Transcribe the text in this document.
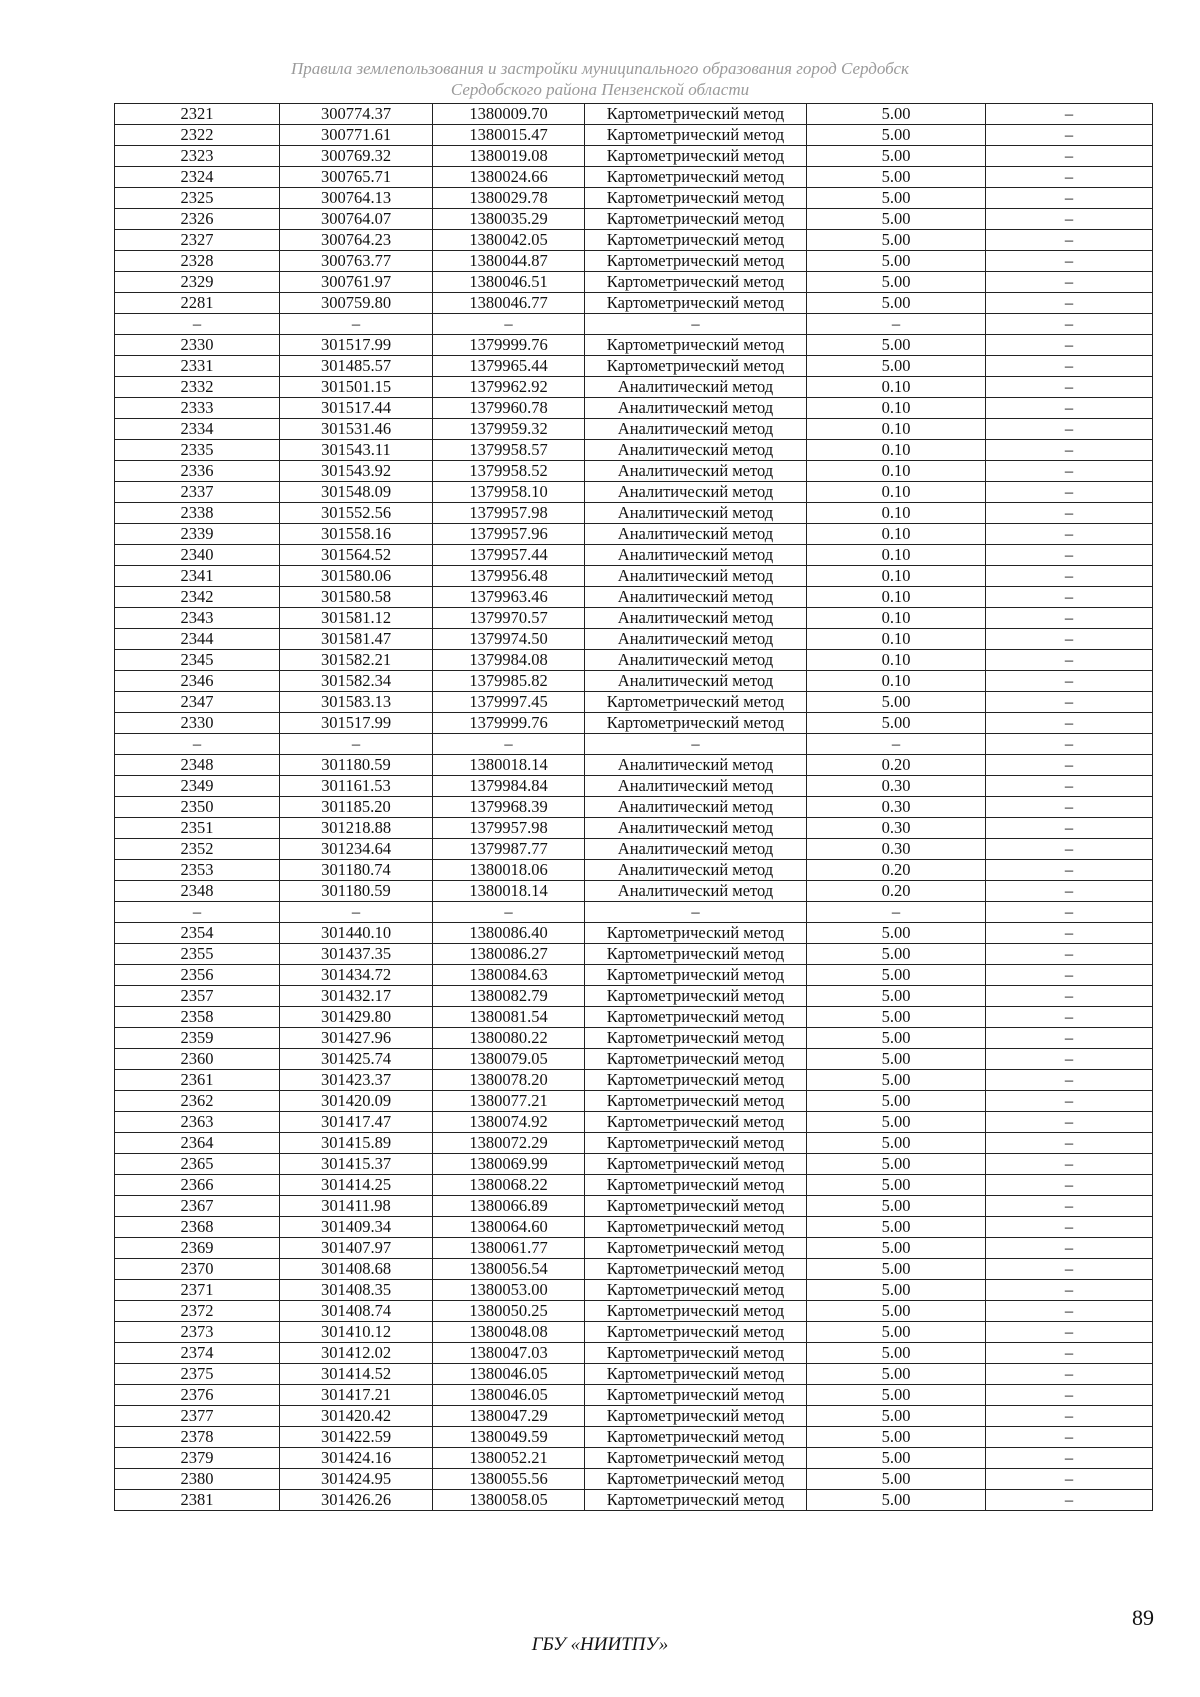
Правила землепользования и застройки муниципального образования город Сердобск
Сердобского района Пензенской области
2321	300774.37	1380009.70	Картометрический метод	5.00	–
2322	300771.61	1380015.47	Картометрический метод	5.00	–
2323	300769.32	1380019.08	Картометрический метод	5.00	–
2324	300765.71	1380024.66	Картометрический метод	5.00	–
2325	300764.13	1380029.78	Картометрический метод	5.00	–
2326	300764.07	1380035.29	Картометрический метод	5.00	–
2327	300764.23	1380042.05	Картометрический метод	5.00	–
2328	300763.77	1380044.87	Картометрический метод	5.00	–
2329	300761.97	1380046.51	Картометрический метод	5.00	–
2281	300759.80	1380046.77	Картометрический метод	5.00	–
–	–	–	–	–	–
2330	301517.99	1379999.76	Картометрический метод	5.00	–
2331	301485.57	1379965.44	Картометрический метод	5.00	–
2332	301501.15	1379962.92	Аналитический метод	0.10	–
2333	301517.44	1379960.78	Аналитический метод	0.10	–
2334	301531.46	1379959.32	Аналитический метод	0.10	–
2335	301543.11	1379958.57	Аналитический метод	0.10	–
2336	301543.92	1379958.52	Аналитический метод	0.10	–
2337	301548.09	1379958.10	Аналитический метод	0.10	–
2338	301552.56	1379957.98	Аналитический метод	0.10	–
2339	301558.16	1379957.96	Аналитический метод	0.10	–
2340	301564.52	1379957.44	Аналитический метод	0.10	–
2341	301580.06	1379956.48	Аналитический метод	0.10	–
2342	301580.58	1379963.46	Аналитический метод	0.10	–
2343	301581.12	1379970.57	Аналитический метод	0.10	–
2344	301581.47	1379974.50	Аналитический метод	0.10	–
2345	301582.21	1379984.08	Аналитический метод	0.10	–
2346	301582.34	1379985.82	Аналитический метод	0.10	–
2347	301583.13	1379997.45	Картометрический метод	5.00	–
2330	301517.99	1379999.76	Картометрический метод	5.00	–
–	–	–	–	–	–
2348	301180.59	1380018.14	Аналитический метод	0.20	–
2349	301161.53	1379984.84	Аналитический метод	0.30	–
2350	301185.20	1379968.39	Аналитический метод	0.30	–
2351	301218.88	1379957.98	Аналитический метод	0.30	–
2352	301234.64	1379987.77	Аналитический метод	0.30	–
2353	301180.74	1380018.06	Аналитический метод	0.20	–
2348	301180.59	1380018.14	Аналитический метод	0.20	–
–	–	–	–	–	–
2354	301440.10	1380086.40	Картометрический метод	5.00	–
2355	301437.35	1380086.27	Картометрический метод	5.00	–
2356	301434.72	1380084.63	Картометрический метод	5.00	–
2357	301432.17	1380082.79	Картометрический метод	5.00	–
2358	301429.80	1380081.54	Картометрический метод	5.00	–
2359	301427.96	1380080.22	Картометрический метод	5.00	–
2360	301425.74	1380079.05	Картометрический метод	5.00	–
2361	301423.37	1380078.20	Картометрический метод	5.00	–
2362	301420.09	1380077.21	Картометрический метод	5.00	–
2363	301417.47	1380074.92	Картометрический метод	5.00	–
2364	301415.89	1380072.29	Картометрический метод	5.00	–
2365	301415.37	1380069.99	Картометрический метод	5.00	–
2366	301414.25	1380068.22	Картометрический метод	5.00	–
2367	301411.98	1380066.89	Картометрический метод	5.00	–
2368	301409.34	1380064.60	Картометрический метод	5.00	–
2369	301407.97	1380061.77	Картометрический метод	5.00	–
2370	301408.68	1380056.54	Картометрический метод	5.00	–
2371	301408.35	1380053.00	Картометрический метод	5.00	–
2372	301408.74	1380050.25	Картометрический метод	5.00	–
2373	301410.12	1380048.08	Картометрический метод	5.00	–
2374	301412.02	1380047.03	Картометрический метод	5.00	–
2375	301414.52	1380046.05	Картометрический метод	5.00	–
2376	301417.21	1380046.05	Картометрический метод	5.00	–
2377	301420.42	1380047.29	Картометрический метод	5.00	–
2378	301422.59	1380049.59	Картометрический метод	5.00	–
2379	301424.16	1380052.21	Картометрический метод	5.00	–
2380	301424.95	1380055.56	Картометрический метод	5.00	–
2381	301426.26	1380058.05	Картометрический метод	5.00	–
89
ГБУ «НИИТПУ»
